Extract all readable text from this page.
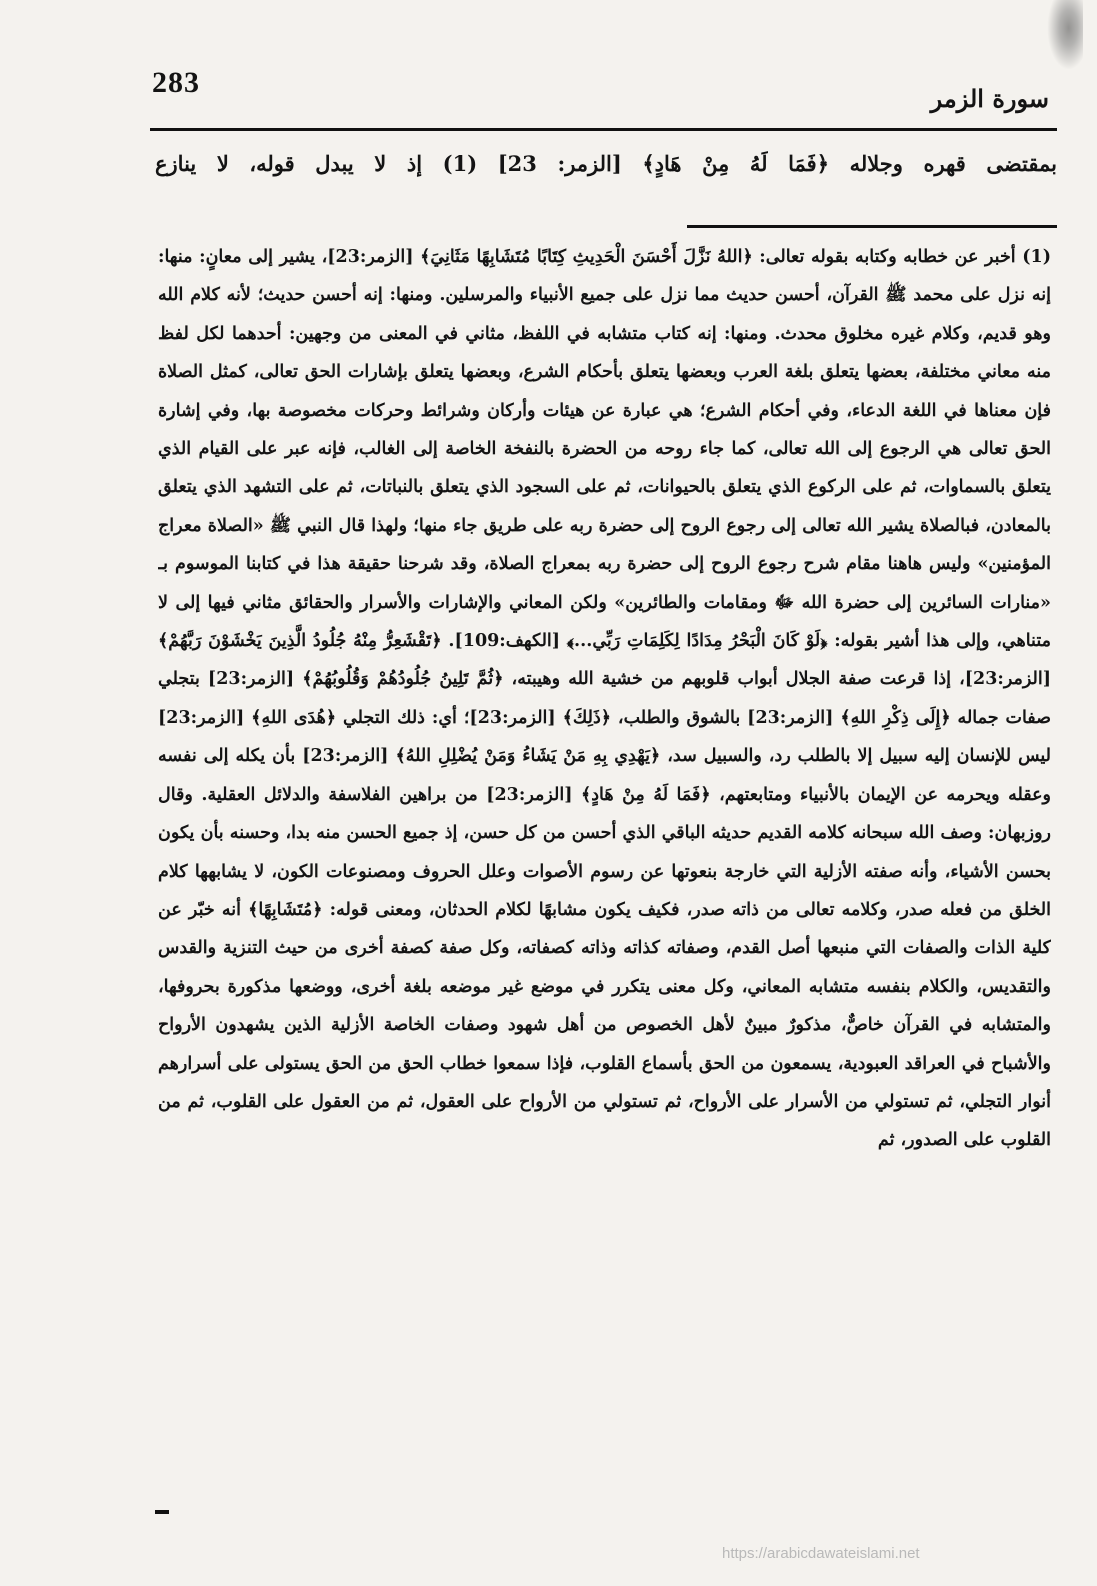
283	سورة الزمر
بمقتضى قهره وجلاله ﴿فَمَا لَهُ مِنْ هَادٍ﴾ [الزمر: 23] (1) إذ لا يبدل قوله، لا ينازع
(1) أخبر عن خطابه وكتابه بقوله تعالى: ﴿اللهُ نَزَّلَ أَحْسَنَ الْحَدِيثِ كِتَابًا مُتَشَابِهًا مَثَانِيَ﴾ [الزمر:23]، يشير إلى معانٍ: منها: إنه نزل على محمد ﷺ القرآن، أحسن حديث مما نزل على جميع الأنبياء والمرسلين. ومنها: إنه أحسن حديث؛ لأنه كلام الله وهو قديم، وكلام غيره مخلوق محدث. ومنها: إنه كتاب متشابه في اللفظ، مثاني في المعنى من وجهين: أحدهما لكل لفظ منه معاني مختلفة، بعضها يتعلق بلغة العرب وبعضها يتعلق بأحكام الشرع، وبعضها يتعلق بإشارات الحق تعالى، كمثل الصلاة فإن معناها في اللغة الدعاء، وفي أحكام الشرع؛ هي عبارة عن هيئات وأركان وشرائط وحركات مخصوصة بها، وفي إشارة الحق تعالى هي الرجوع إلى الله تعالى، كما جاء روحه من الحضرة بالنفخة الخاصة إلى الغالب، فإنه عبر على القيام الذي يتعلق بالسماوات، ثم على الركوع الذي يتعلق بالحيوانات، ثم على السجود الذي يتعلق بالنباتات، ثم على التشهد الذي يتعلق بالمعادن، فبالصلاة يشير الله تعالى إلى رجوع الروح إلى حضرة ربه على طريق جاء منها؛ ولهذا قال النبي ﷺ «الصلاة معراج المؤمنين» وليس هاهنا مقام شرح رجوع الروح إلى حضرة ربه بمعراج الصلاة، وقد شرحنا حقيقة هذا في كتابنا الموسوم بـ «منارات السائرين إلى حضرة الله ﷻ ومقامات والطائرين» ولكن المعاني والإشارات والأسرار والحقائق مثاني فيها إلى لا متناهي، وإلى هذا أشير بقوله: ﴿لَوْ كَانَ الْبَحْرُ مِدَادًا لِكَلِمَاتِ رَبِّي...﴾ [الكهف:109]. ﴿تَقْشَعِرُّ مِنْهُ جُلُودُ الَّذِينَ يَخْشَوْنَ رَبَّهُمْ﴾ [الزمر:23]، إذا قرعت صفة الجلال أبواب قلوبهم من خشية الله وهيبته، ﴿ثُمَّ تَلِينُ جُلُودُهُمْ وَقُلُوبُهُمْ﴾ [الزمر:23] بتجلي صفات جماله ﴿إِلَى ذِكْرِ اللهِ﴾ [الزمر:23] بالشوق والطلب، ﴿ذَلِكَ﴾ [الزمر:23]؛ أي: ذلك التجلي ﴿هُدَى اللهِ﴾ [الزمر:23] ليس للإنسان إليه سبيل إلا بالطلب رد، والسبيل سد، ﴿يَهْدِي بِهِ مَنْ يَشَاءُ وَمَنْ يُضْلِلِ اللهُ﴾ [الزمر:23] بأن يكله إلى نفسه وعقله ويحرمه عن الإيمان بالأنبياء ومتابعتهم، ﴿فَمَا لَهُ مِنْ هَادٍ﴾ [الزمر:23] من براهين الفلاسفة والدلائل العقلية. وقال روزبهان: وصف الله سبحانه كلامه القديم حديثه الباقي الذي أحسن من كل حسن، إذ جميع الحسن منه بدا، وحسنه بأن يكون بحسن الأشياء، وأنه صفته الأزلية التي خارجة بنعوتها عن رسوم الأصوات وعلل الحروف ومصنوعات الكون، لا يشابهها كلام الخلق من فعله صدر، وكلامه تعالى من ذاته صدر، فكيف يكون مشابهًا لكلام الحدثان، ومعنى قوله: ﴿مُتَشَابِهًا﴾ أنه خبّر عن كلية الذات والصفات التي منبعها أصل القدم، وصفاته كذاته وذاته كصفاته، وكل صفة كصفة أخرى من حيث التنزية والقدس والتقديس، والكلام بنفسه متشابه المعاني، وكل معنى يتكرر في موضع غير موضعه بلغة أخرى، ووضعها مذكورة بحروفها، والمتشابه في القرآن خاصٌّ، مذكورٌ مبينٌ لأهل الخصوص من أهل شهود وصفات الخاصة الأزلية الذين يشهدون الأرواح والأشباح في العراقد العبودية، يسمعون من الحق بأسماع القلوب، فإذا سمعوا خطاب الحق من الحق يستولى على أسرارهم أنوار التجلي، ثم تستولي من الأسرار على الأرواح، ثم تستولي من الأرواح على العقول، ثم من العقول على القلوب، ثم من القلوب على الصدور، ثم
https://arabicdawateislami.net
